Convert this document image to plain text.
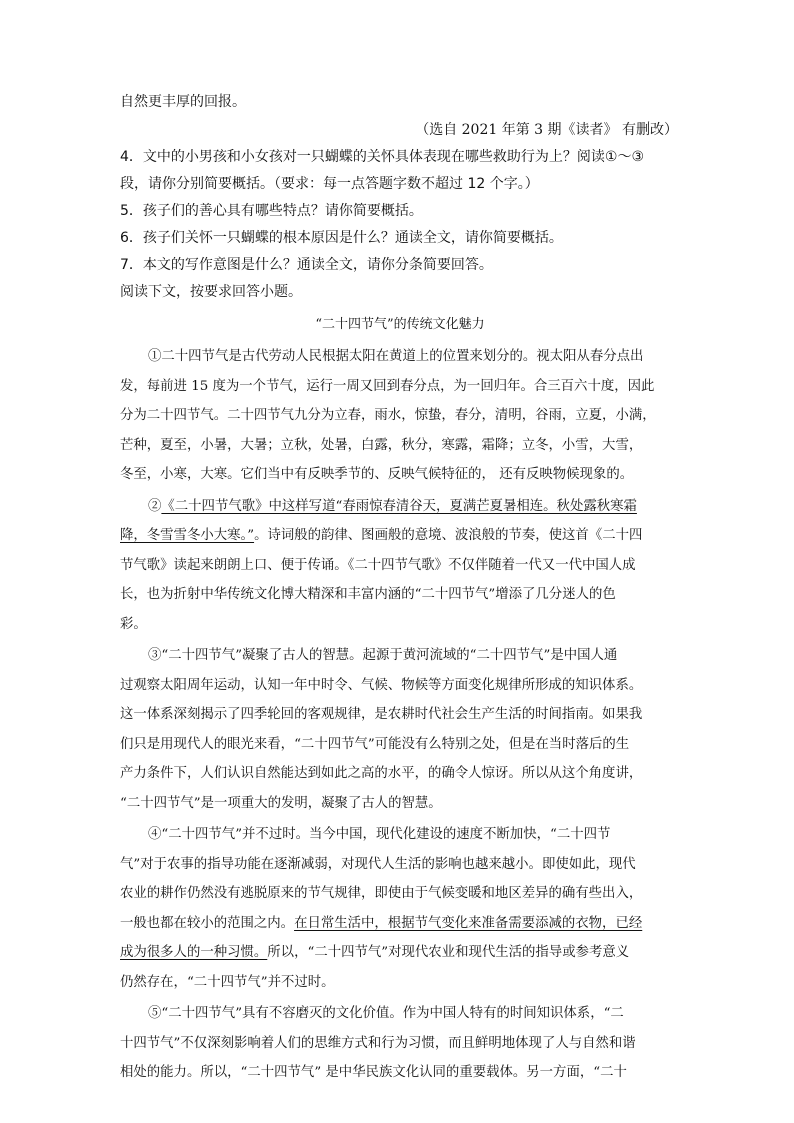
自然更丰厚的回报。
（选自 2021 年第 3 期《读者》 有删改）
4．文中的小男孩和小女孩对一只蝴蝶的关怀具体表现在哪些救助行为上？阅读①～③
段，请你分别简要概括。（要求：每一点答题字数不超过 12 个字。）
5．孩子们的善心具有哪些特点？请你简要概括。
6．孩子们关怀一只蝴蝶的根本原因是什么？通读全文，请你简要概括。
7．本文的写作意图是什么？通读全文，请你分条简要回答。
阅读下文，按要求回答小题。
“二十四节气”的传统文化魅力
①二十四节气是古代劳动人民根据太阳在黄道上的位置来划分的。视太阳从春分点出
发，每前进 15 度为一个节气，运行一周又回到春分点，为一回归年。合三百六十度，因此
分为二十四节气。二十四节气九分为立春，雨水，惊蛰，春分，清明，谷雨，立夏，小满，
芒种，夏至，小暑，大暑；立秋，处暑，白露，秋分，寒露，霜降；立冬，小雪，大雪，
冬至，小寒，大寒。它们当中有反映季节的、反映气候特征的， 还有反映物候现象的。
②《二十四节气歌》中这样写道“春雨惊春清谷天，夏满芒夏暑相连。秋处露秋寒霜
降，冬雪雪冬小大寒。”。诗词般的韵律、图画般的意境、波浪般的节奏，使这首《二十四
节气歌》读起来朗朗上口、便于传诵。《二十四节气歌》不仅伴随着一代又一代中国人成
长，也为折射中华传统文化博大精深和丰富内涵的“二十四节气”增添了几分迷人的色
彩。
③“二十四节气”凝聚了古人的智慧。起源于黄河流域的“二十四节气”是中国人通
过观察太阳周年运动，认知一年中时令、气候、物候等方面变化规律所形成的知识体系。
这一体系深刻揭示了四季轮回的客观规律，是农耕时代社会生产生活的时间指南。如果我
们只是用现代人的眼光来看，“二十四节气”可能没有么特别之处，但是在当时落后的生
产力条件下，人们认识自然能达到如此之高的水平，的确令人惊讶。所以从这个角度讲，
“二十四节气”是一项重大的发明，凝聚了古人的智慧。
④“二十四节气”并不过时。当今中国，现代化建设的速度不断加快，“二十四节
气”对于农事的指导功能在逐渐减弱，对现代人生活的影响也越来越小。即使如此，现代
农业的耕作仍然没有逃脱原来的节气规律，即使由于气候变暖和地区差异的确有些出入，
一般也都在较小的范围之内。在日常生活中，根据节气变化来准备需要添减的衣物，已经
成为很多人的一种习惯。所以，“二十四节气”对现代农业和现代生活的指导或参考意义
仍然存在，“二十四节气”并不过时。
⑤“二十四节气”具有不容磨灭的文化价值。作为中国人特有的时间知识体系，“二
十四节气”不仅深刻影响着人们的思维方式和行为习惯，而且鲜明地体现了人与自然和谐
相处的能力。所以，“二十四节气” 是中华民族文化认同的重要载体。另一方面，“二十
